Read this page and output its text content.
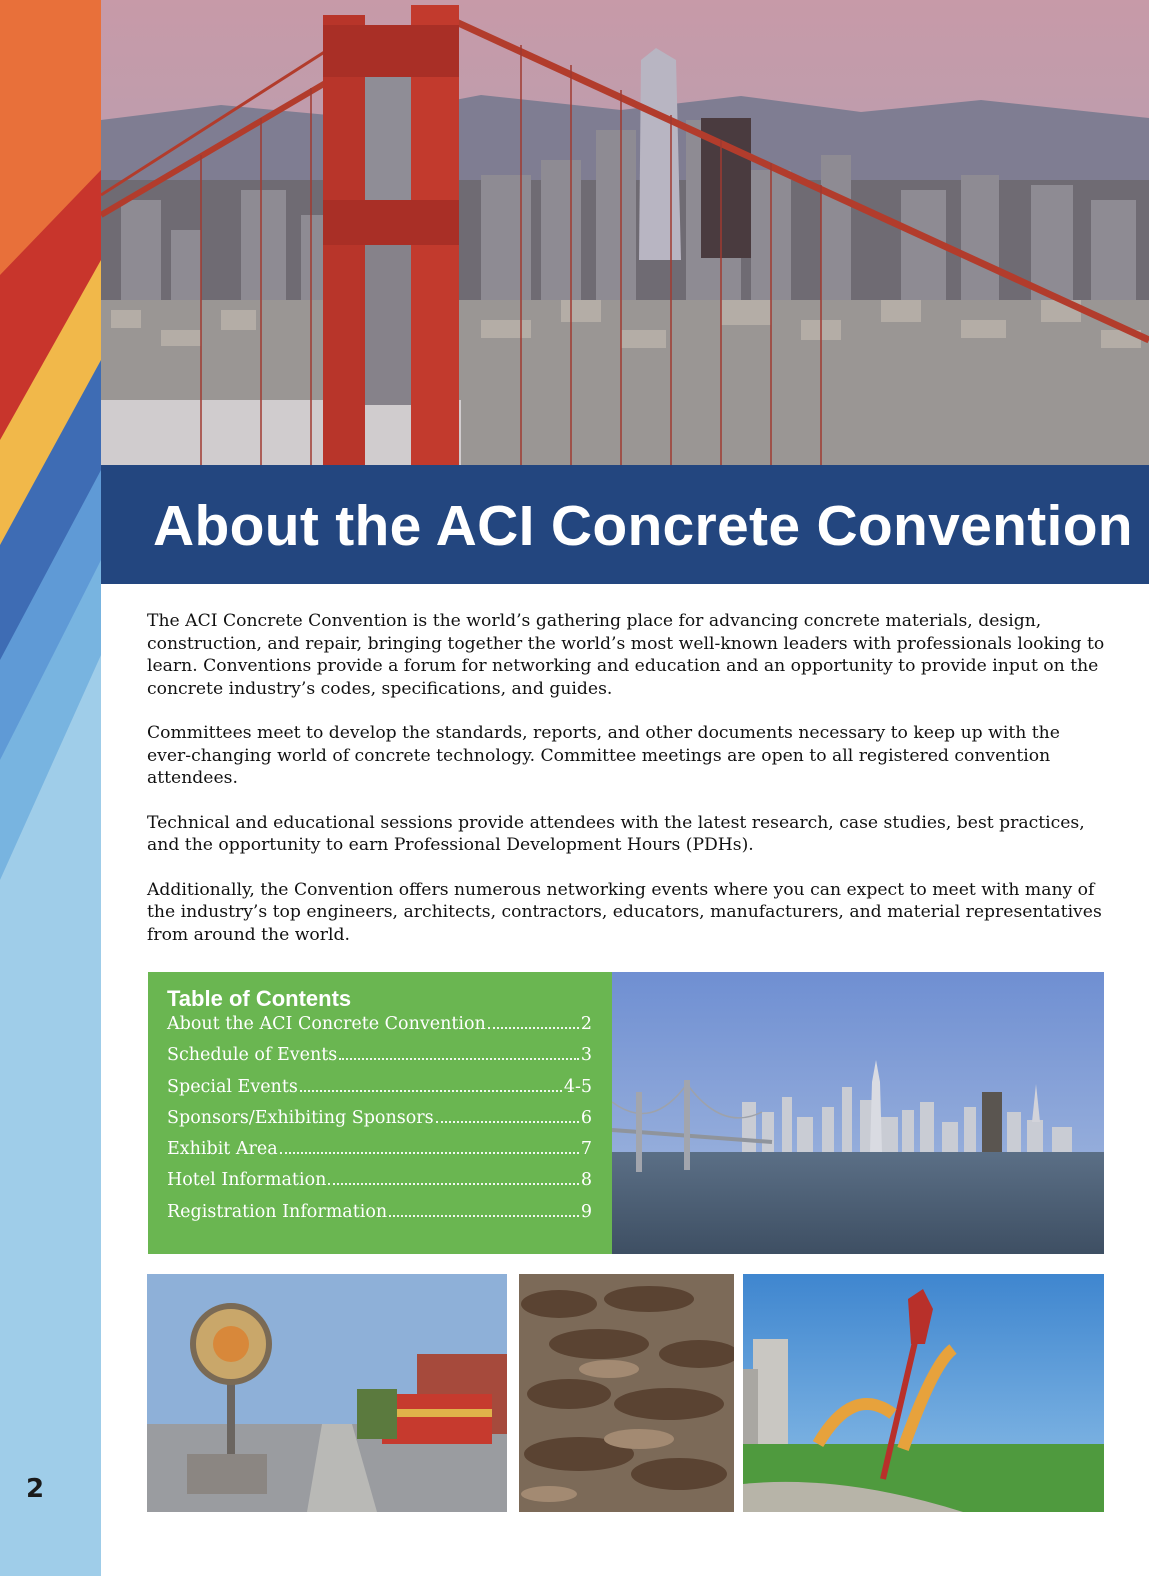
2
About the ACI Concrete Convention

The ACI Concrete Convention is the world’s gathering place for advancing concrete materials, design, construction, and repair, bringing together the world’s most well-known leaders with professionals looking to learn. Conventions provide a forum for networking and education and an opportunity to provide input on the concrete industry’s codes, specifications, and guides.

Committees meet to develop the standards, reports, and other documents necessary to keep up with the ever-changing world of concrete technology. Committee meetings are open to all registered convention attendees.

Technical and educational sessions provide attendees with the latest research, case studies, best practices, and the opportunity to earn Professional Development Hours (PDHs).

Additionally, the Convention offers numerous networking events where you can expect to meet with many of the industry’s top engineers, architects, contractors, educators, manufacturers, and material representatives from around the world.

Table of Contents
About the ACI Concrete Convention	2
Schedule of Events	3
Special Events	4-5
Sponsors/Exhibiting Sponsors	6
Exhibit Area	7
Hotel Information	8
Registration Information	9
